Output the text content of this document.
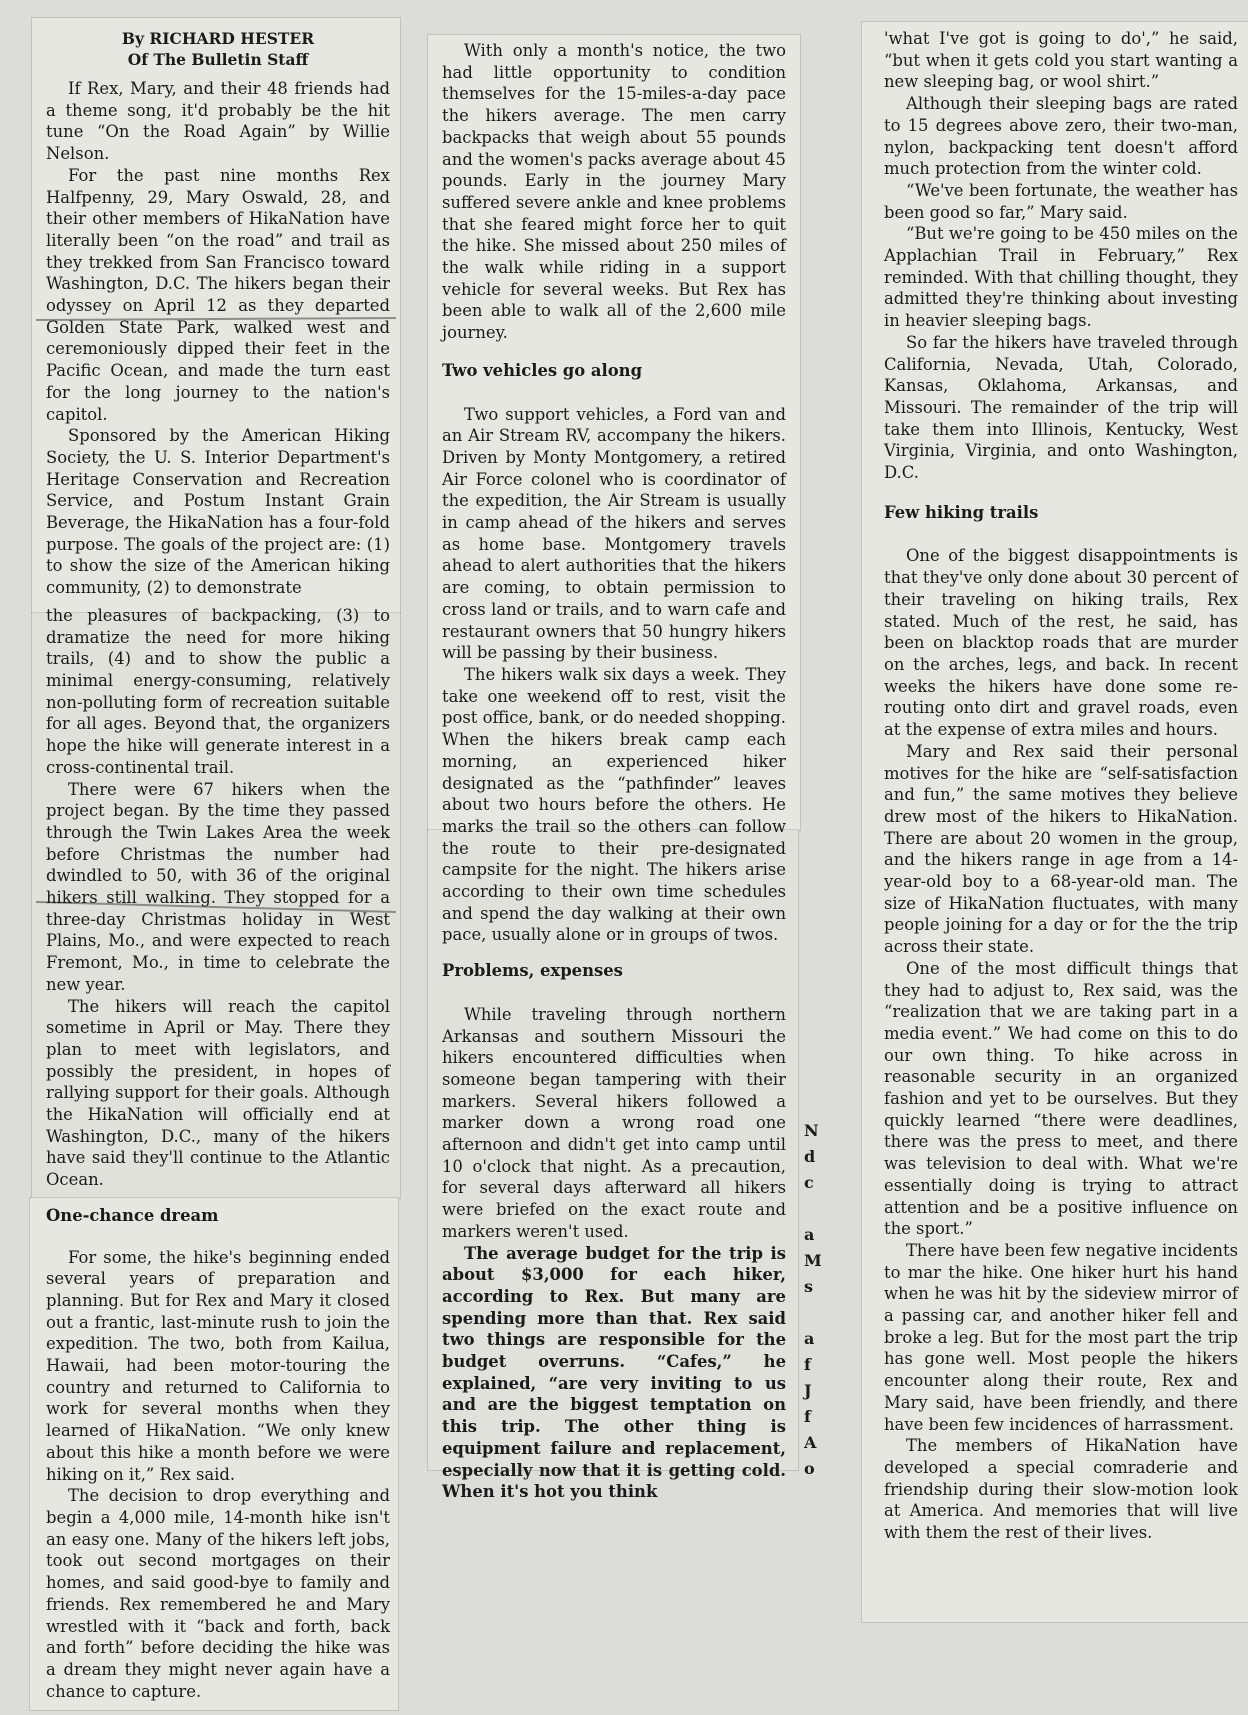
By RICHARD HESTER
Of The Bulletin Staff

If Rex, Mary, and their 48 friends had a theme song, it'd probably be the hit tune “On the Road Again” by Willie Nelson.

For the past nine months Rex Halfpenny, 29, Mary Oswald, 28, and their other members of HikaNation have literally been “on the road” and trail as they trekked from San Francisco toward Washington, D.C. The hikers began their odyssey on April 12 as they departed Golden State Park, walked west and ceremoniously dipped their feet in the Pacific Ocean, and made the turn east for the long journey to the nation's capitol.

Sponsored by the American Hiking Society, the U. S. Interior Department's Heritage Conservation and Recreation Service, and Postum Instant Grain Beverage, the HikaNation has a four-fold purpose. The goals of the project are: (1) to show the size of the American hiking community, (2) to demonstrate

the pleasures of backpacking, (3) to dramatize the need for more hiking trails, (4) and to show the public a minimal energy-consuming, relatively non-polluting form of recreation suitable for all ages. Beyond that, the organizers hope the hike will generate interest in a cross-continental trail.

There were 67 hikers when the project began. By the time they passed through the Twin Lakes Area the week before Christmas the number had dwindled to 50, with 36 of the original hikers still walking. They stopped for a three-day Christmas holiday in West Plains, Mo., and were expected to reach Fremont, Mo., in time to celebrate the new year.

The hikers will reach the capitol sometime in April or May. There they plan to meet with legislators, and possibly the president, in hopes of rallying support for their goals. Although the HikaNation will officially end at Washington, D.C., many of the hikers have said they'll continue to the Atlantic Ocean.

One-chance dream

For some, the hike's beginning ended several years of preparation and planning. But for Rex and Mary it closed out a frantic, last-minute rush to join the expedition. The two, both from Kailua, Hawaii, had been motor-touring the country and returned to California to work for several months when they learned of HikaNation. “We only knew about this hike a month before we were hiking on it,” Rex said.

The decision to drop everything and begin a 4,000 mile, 14-month hike isn't an easy one. Many of the hikers left jobs, took out second mortgages on their homes, and said good-bye to family and friends. Rex remembered he and Mary wrestled with it “back and forth, back and forth” before deciding the hike was a dream they might never again have a chance to capture.

With only a month's notice, the two had little opportunity to condition themselves for the 15-miles-a-day pace the hikers average. The men carry backpacks that weigh about 55 pounds and the women's packs average about 45 pounds. Early in the journey Mary suffered severe ankle and knee problems that she feared might force her to quit the hike. She missed about 250 miles of the walk while riding in a support vehicle for several weeks. But Rex has been able to walk all of the 2,600 mile journey.

Two vehicles go along

Two support vehicles, a Ford van and an Air Stream RV, accompany the hikers. Driven by Monty Montgomery, a retired Air Force colonel who is coordinator of the expedition, the Air Stream is usually in camp ahead of the hikers and serves as home base. Montgomery travels ahead to alert authorities that the hikers are coming, to obtain permission to cross land or trails, and to warn cafe and restaurant owners that 50 hungry hikers will be passing by their business.

The hikers walk six days a week. They take one weekend off to rest, visit the post office, bank, or do needed shopping. When the hikers break camp each morning, an experienced hiker designated as the “pathfinder” leaves about two hours before the others. He marks the trail so the others can follow the route to their pre-designated campsite for the night. The hikers arise according to their own time schedules and spend the day walking at their own pace, usually alone or in groups of twos.

Problems, expenses

While traveling through northern Arkansas and southern Missouri the hikers encountered difficulties when someone began tampering with their markers. Several hikers followed a marker down a wrong road one afternoon and didn't get into camp until 10 o'clock that night. As a precaution, for several days afterward all hikers were briefed on the exact route and markers weren't used.

The average budget for the trip is about $3,000 for each hiker, according to Rex. But many are spending more than that. Rex said two things are responsible for the budget overruns. “Cafes,” he explained, “are very inviting to us and are the biggest temptation on this trip. The other thing is equipment failure and replacement, especially now that it is getting cold. When it's hot you think

N
d
c

a
M
s

a
f
J
f
A
o

'what I've got is going to do',” he said, “but when it gets cold you start wanting a new sleeping bag, or wool shirt.”

Although their sleeping bags are rated to 15 degrees above zero, their two-man, nylon, backpacking tent doesn't afford much protection from the winter cold.

“We've been fortunate, the weather has been good so far,” Mary said.

“But we're going to be 450 miles on the Applachian Trail in February,” Rex reminded. With that chilling thought, they admitted they're thinking about investing in heavier sleeping bags.

So far the hikers have traveled through California, Nevada, Utah, Colorado, Kansas, Oklahoma, Arkansas, and Missouri. The remainder of the trip will take them into Illinois, Kentucky, West Virginia, Virginia, and onto Washington, D.C.

Few hiking trails

One of the biggest disappointments is that they've only done about 30 percent of their traveling on hiking trails, Rex stated. Much of the rest, he said, has been on blacktop roads that are murder on the arches, legs, and back. In recent weeks the hikers have done some re-routing onto dirt and gravel roads, even at the expense of extra miles and hours.

Mary and Rex said their personal motives for the hike are “self-satisfaction and fun,” the same motives they believe drew most of the hikers to HikaNation. There are about 20 women in the group, and the hikers range in age from a 14-year-old boy to a 68-year-old man. The size of HikaNation fluctuates, with many people joining for a day or for the the trip across their state.

One of the most difficult things that they had to adjust to, Rex said, was the “realization that we are taking part in a media event.” We had come on this to do our own thing. To hike across in reasonable security in an organized fashion and yet to be ourselves. But they quickly learned “there were deadlines, there was the press to meet, and there was television to deal with. What we're essentially doing is trying to attract attention and be a positive influence on the sport.”

There have been few negative incidents to mar the hike. One hiker hurt his hand when he was hit by the sideview mirror of a passing car, and another hiker fell and broke a leg. But for the most part the trip has gone well. Most people the hikers encounter along their route, Rex and Mary said, have been friendly, and there have been few incidences of harrassment.

The members of HikaNation have developed a special comraderie and friendship during their slow-motion look at America. And memories that will live with them the rest of their lives.
